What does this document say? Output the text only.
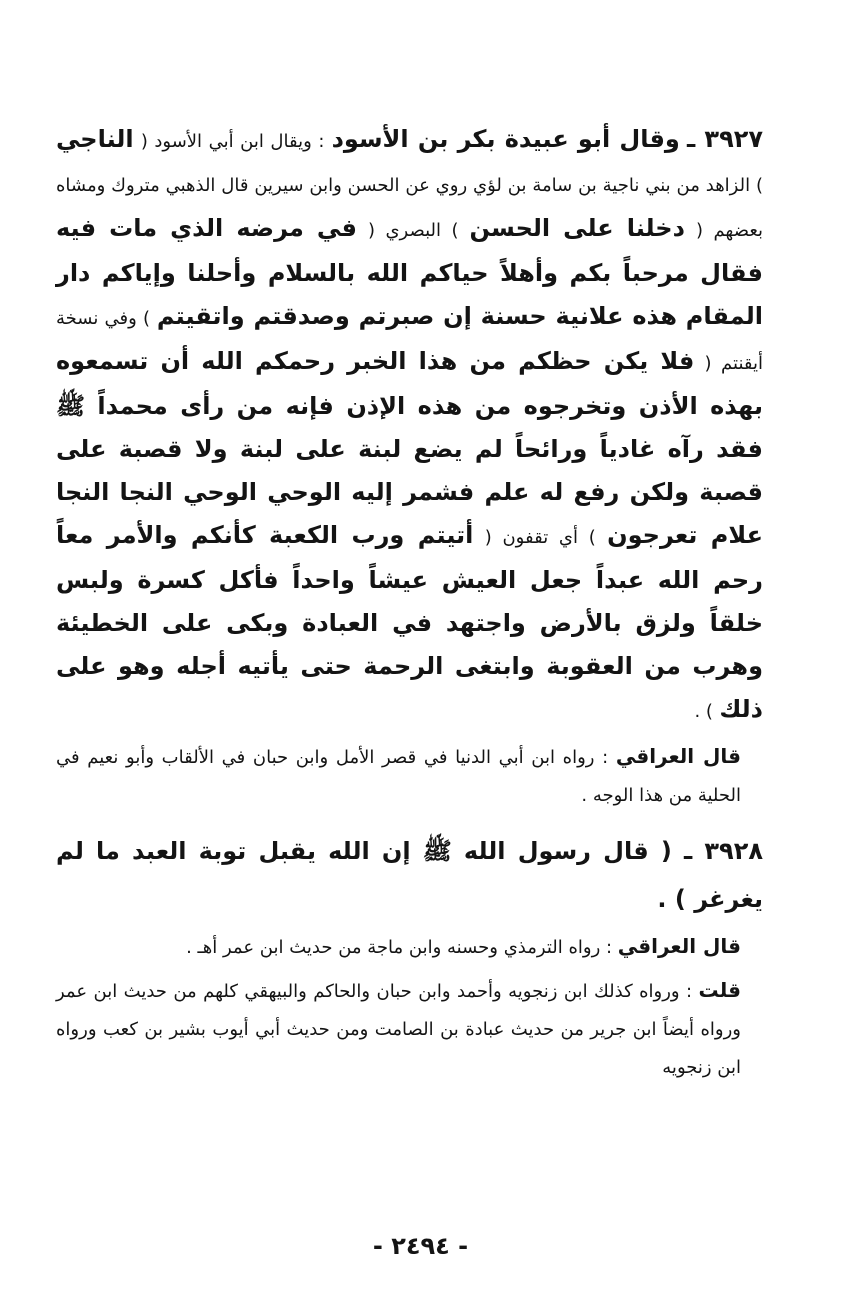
٣٩٢٧ ـ وقال أبو عبيدة بكر بن الأسود : ويقال ابن أبي الأسود ( الناجي ) الزاهد من بني ناجية بن سامة بن لؤي روي عن الحسن وابن سيرين قال الذهبي متروك ومشاه بعضهم ( دخلنا على الحسن ) البصري ( في مرضه الذي مات فيه فقال مرحباً بكم وأهلاً حياكم الله بالسلام وأحلنا وإياكم دار المقام هذه علانية حسنة إن صبرتم وصدقتم واتقيتم ) وفي نسخة أيقنتم ( فلا يكن حظكم من هذا الخبر رحمكم الله أن تسمعوه بهذه الأذن وتخرجوه من هذه الإذن فإنه من رأى محمداً ﷺ فقد رآه غادياً ورائحاً لم يضع لبنة على لبنة ولا قصبة على قصبة ولكن رفع له علم فشمر إليه الوحي الوحي النجا النجا علام تعرجون ) أي تقفون ( أتيتم ورب الكعبة كأنكم والأمر معاً رحم الله عبداً جعل العيش عيشاً واحداً فأكل كسرة ولبس خلقاً ولزق بالأرض واجتهد في العبادة وبكى على الخطيئة وهرب من العقوبة وابتغى الرحمة حتى يأتيه أجله وهو على ذلك ) .

قال العراقي : رواه ابن أبي الدنيا في قصر الأمل وابن حبان في الألقاب وأبو نعيم في الحلية من هذا الوجه .

٣٩٢٨ ـ ( قال رسول الله ﷺ إن الله يقبل توبة العبد ما لم يغرغر ) .

قال العراقي : رواه الترمذي وحسنه وابن ماجة من حديث ابن عمر أهـ .

قلت : ورواه كذلك ابن زنجويه وأحمد وابن حبان والحاكم والبيهقي كلهم من حديث ابن عمر ورواه أيضاً ابن جرير من حديث عبادة بن الصامت ومن حديث أبي أيوب بشير بن كعب ورواه ابن زنجويه

- ٢٤٩٤ -
